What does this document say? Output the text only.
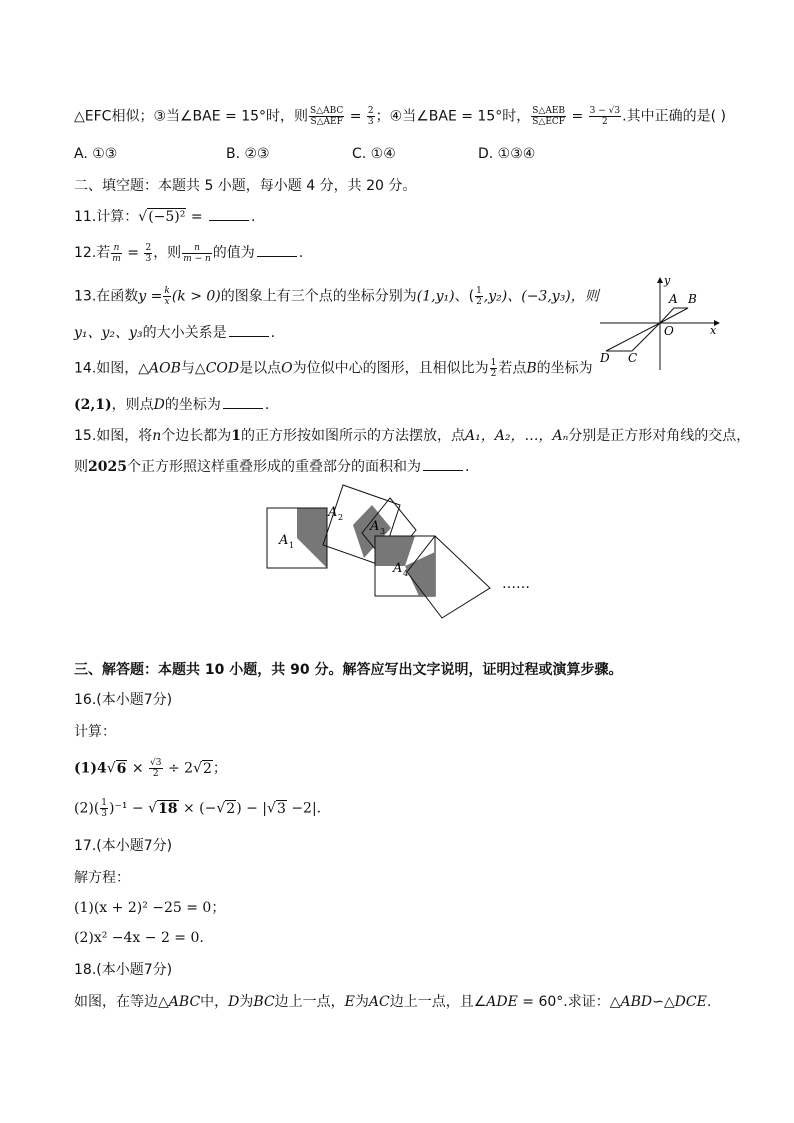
△EFC相似；③当∠BAE = 15°时，则 $\frac{\text{S△ABC}}{\text{S△AEF}} = \frac{2}{3}$ ；④当∠BAE = 15°时， $\frac{\text{S△AEB}}{\text{S△ECF}} = \frac{3 - √3}{2}$ .其中正确的是( )
A. ①③	B. ②③	C. ①④	D. ①③④
二、填空题：本题共 5 小题，每小题 4 分，共 20 分。
11.计算：√(−5)² =	.
12.若 $\frac{n}{m} = \frac{2}{3}$ ，则 $\frac{n}{m - n}$ 的值为	.
13.在函数$y = \frac{k}{x} (k > 0)$的图象上有三个点的坐标分别为(1,y₁)、( $\frac{1}{2} ,y_2$)、(−3,y₃)，则
y₁、y₂、y₃的大小关系是	.
y
x
A B
O
C
D
14.如图，△AOB与△COD是以点O为位似中心的图形，且相似比为 $\frac{1}{2}$ 若点B的坐标为
(2,1)，则点D的坐标为	.
15.如图，将n个边长都为1的正方形按如图所示的方法摆放，点A₁，A₂，…，Aₙ分别是正方形对角线的交点，
则2025个正方形照这样重叠形成的重叠部分的面积和为	.
A 1
A 2
A 3
A 4
……
三、解答题：本题共 10 小题，共 90 分。解答应写出文字说明，证明过程或演算步骤。
16.(本小题7分)
计算：
$(1)4√6 \times \frac{√3}{2} \div 2√2$；
$(2)( \frac{1}{3} )^{-1} - √18 \times (-√2) - |√3 -2|$.
17.(本小题7分)
解方程：
(1)(x + 2)² −25 = 0；
(2)x² −4x − 2 = 0.
18.(本小题7分)
如图，在等边△ABC中，D为BC边上一点，E为AC边上一点，且∠ADE = 60°.求证：△ABD∽△DCE.
